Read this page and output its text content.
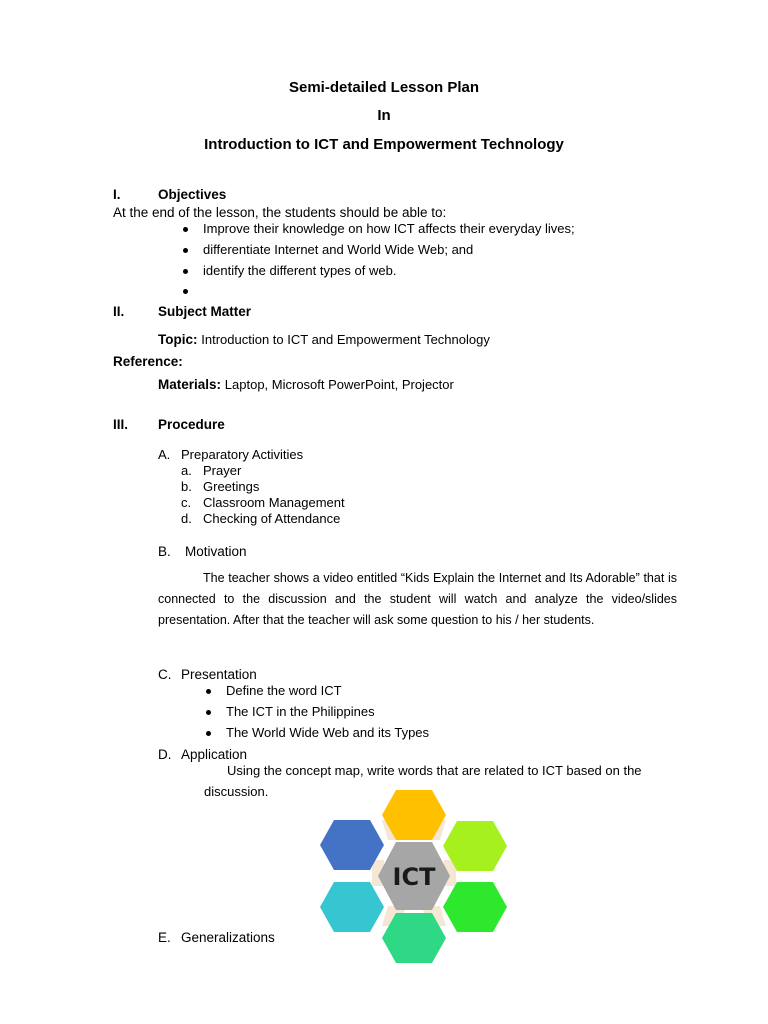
Semi-detailed Lesson Plan
In
Introduction to ICT and Empowerment Technology
I.	Objectives
At the end of the lesson, the students should be able to:
Improve their knowledge on how ICT affects their everyday lives;
differentiate Internet and World Wide Web; and
identify the different types of web.
II. Subject Matter
Topic: Introduction to ICT and Empowerment Technology
Reference:
Materials: Laptop, Microsoft PowerPoint, Projector
III. Procedure
A. Preparatory Activities
a. Prayer
b. Greetings
c. Classroom Management
d. Checking of Attendance
B. Motivation
The teacher shows a video entitled “Kids Explain the Internet and Its Adorable” that is connected to the discussion and the student will watch and analyze the video/slides presentation. After that the teacher will ask some question to his / her students.
C. Presentation
Define the word ICT
The ICT in the Philippines
The World Wide Web and its Types
D. Application
Using the concept map, write words that are related to ICT based on the
discussion.
E. Generalizations
ICT
